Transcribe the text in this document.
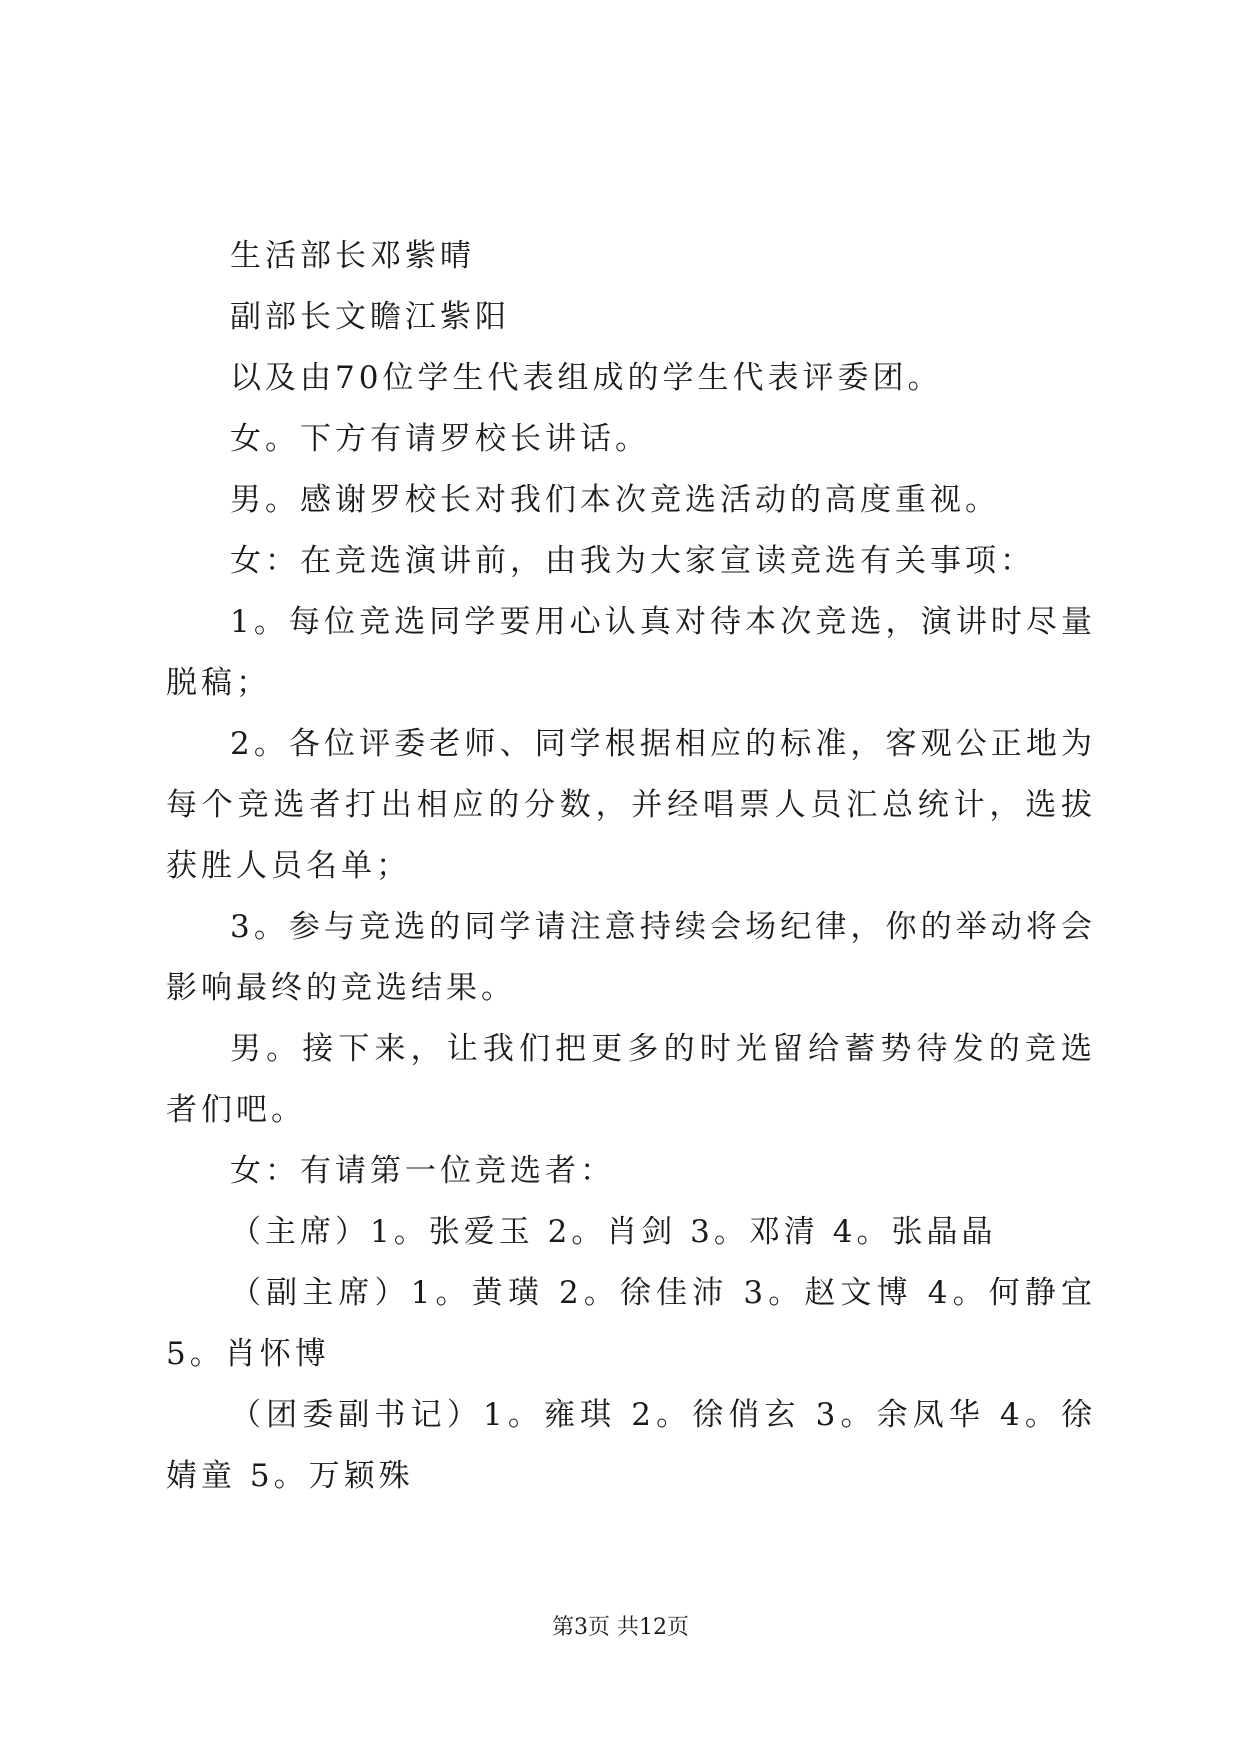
生活部长邓紫晴

副部长文瞻江紫阳

以及由70位学生代表组成的学生代表评委团。

女。下方有请罗校长讲话。

男。感谢罗校长对我们本次竞选活动的高度重视。

女：在竞选演讲前，由我为大家宣读竞选有关事项：

1。每位竞选同学要用心认真对待本次竞选，演讲时尽量脱稿；

2。各位评委老师、同学根据相应的标准，客观公正地为每个竞选者打出相应的分数，并经唱票人员汇总统计，选拔获胜人员名单；

3。参与竞选的同学请注意持续会场纪律，你的举动将会影响最终的竞选结果。

男。接下来，让我们把更多的时光留给蓄势待发的竞选者们吧。

女：有请第一位竞选者：

（主席）1。张爱玉 2。肖剑 3。邓清 4。张晶晶

（副主席）1。黄璜 2。徐佳沛 3。赵文博 4。何静宜 5。肖怀博

（团委副书记）1。雍琪 2。徐俏玄 3。余凤华 4。徐婧童 5。万颖殊

第3页 共12页
